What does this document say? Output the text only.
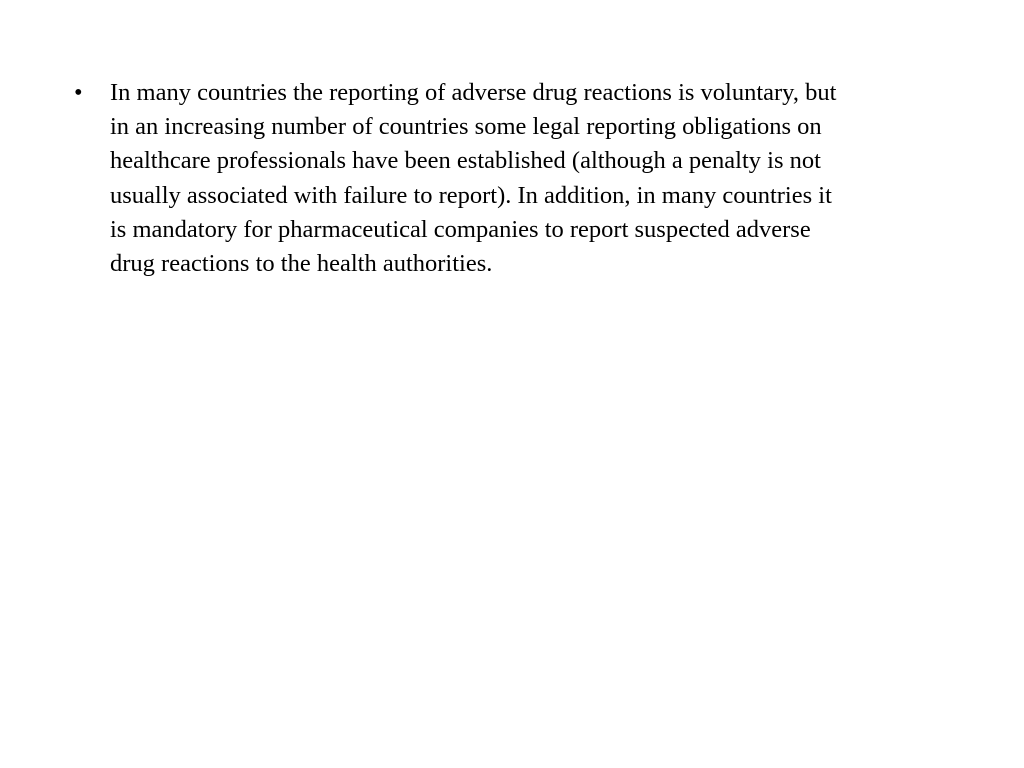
•	In many countries the reporting of adverse drug reactions is voluntary, but
in an increasing number of countries some legal reporting obligations on
healthcare professionals have been established (although a penalty is not
usually associated with failure to report). In addition, in many countries it
is mandatory for pharmaceutical companies to report suspected adverse
drug reactions to the health authorities.
